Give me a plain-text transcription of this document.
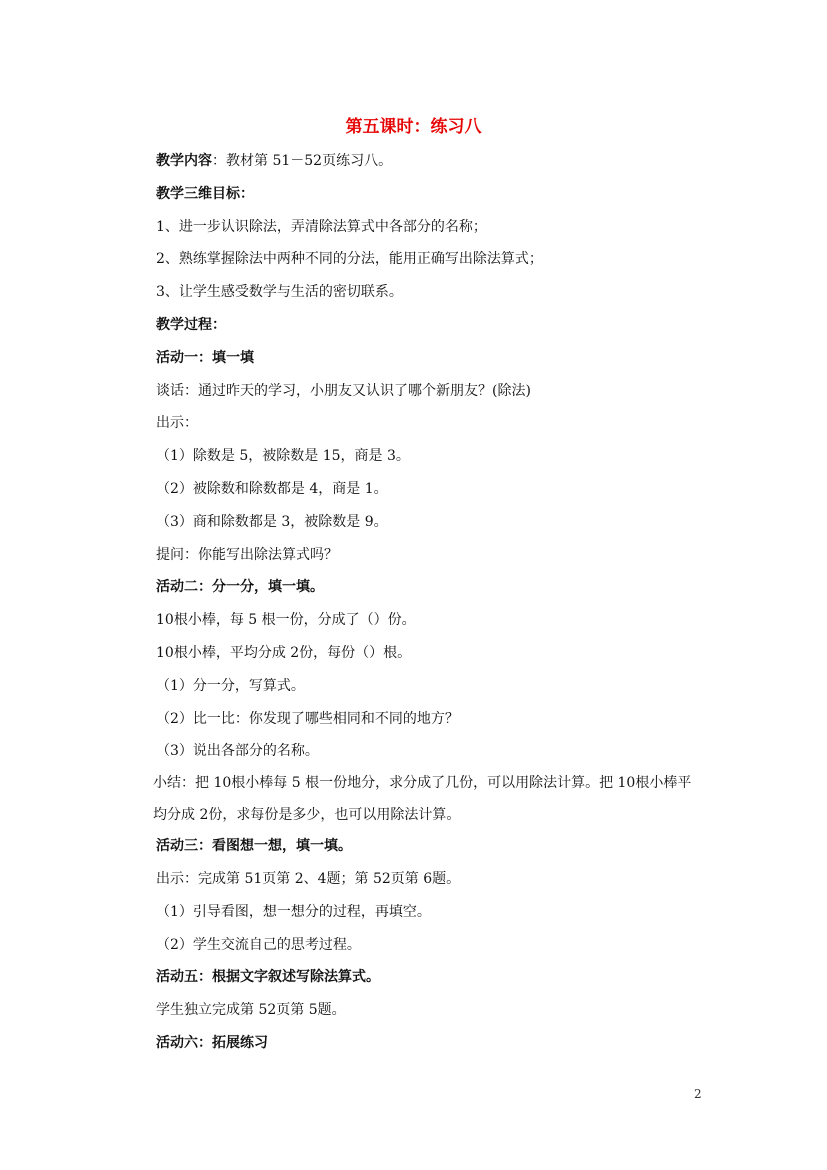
第五课时：练习八
教学内容：教材第 51－52页练习八。
教学三维目标：
1、进一步认识除法，弄清除法算式中各部分的名称；
2、熟练掌握除法中两种不同的分法，能用正确写出除法算式；
3、让学生感受数学与生活的密切联系。
教学过程：
活动一：填一填
谈话：通过昨天的学习，小朋友又认识了哪个新朋友？(除法)
出示：
（1）除数是 5，被除数是 15，商是 3。
（2）被除数和除数都是 4，商是 1。
（3）商和除数都是 3，被除数是 9。
提问：你能写出除法算式吗？
活动二：分一分，填一填。
10根小棒，每 5 根一份，分成了（）份。
10根小棒，平均分成 2份，每份（）根。
（1）分一分，写算式。
（2）比一比：你发现了哪些相同和不同的地方？
（3）说出各部分的名称。
小结：把 10根小棒每 5 根一份地分，求分成了几份，可以用除法计算。把 10根小棒平均分成 2份，求每份是多少，也可以用除法计算。
活动三：看图想一想，填一填。
出示：完成第 51页第 2、4题；第 52页第 6题。
（1）引导看图，想一想分的过程，再填空。
（2）学生交流自己的思考过程。
活动五：根据文字叙述写除法算式。
学生独立完成第 52页第 5题。
活动六：拓展练习
2
